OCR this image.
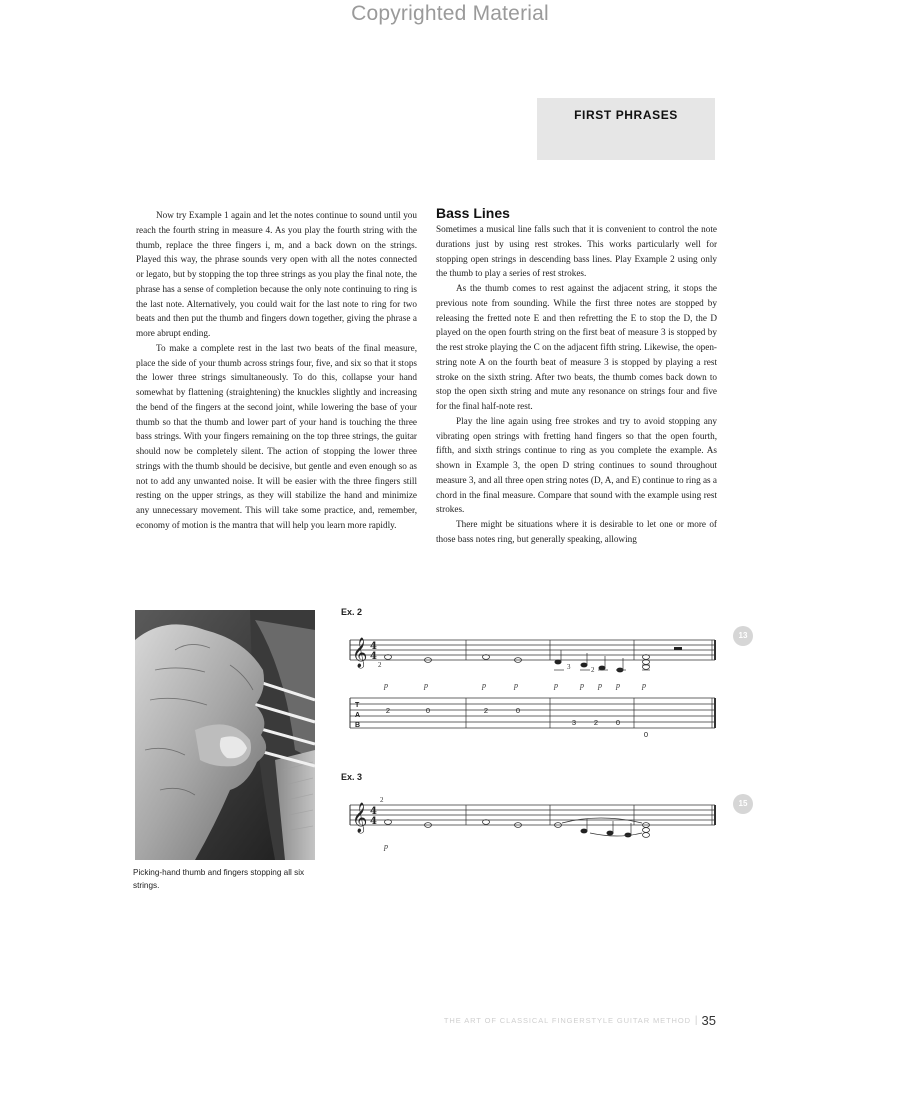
Copyrighted Material
FIRST PHRASES

Now try Example 1 again and let the notes continue to sound until you reach the fourth string in measure 4. As you play the fourth string with the thumb, replace the three fingers i, m, and a back down on the strings. Played this way, the phrase sounds very open with all the notes connected or legato, but by stopping the top three strings as you play the final note, the phrase has a sense of completion because the only note continuing to ring is the last note. Alternatively, you could wait for the last note to ring for two beats and then put the thumb and fingers down together, giving the phrase a more abrupt ending.

To make a complete rest in the last two beats of the final measure, place the side of your thumb across strings four, five, and six so that it stops the lower three strings simultaneously. To do this, collapse your hand somewhat by flattening (straightening) the knuckles slightly and increasing the bend of the fingers at the second joint, while lowering the base of your thumb so that the thumb and lower part of your hand is touching the three bass strings. With your fingers remaining on the top three strings, the guitar should now be completely silent. The action of stopping the lower three strings with the thumb should be decisive, but gentle and even enough so as not to add any unwanted noise. It will be easier with the three fingers still resting on the upper strings, as they will stabilize the hand and minimize any unnecessary movement. This will take some practice, and, remember, economy of motion is the mantra that will help you learn more rapidly.

Bass Lines

Sometimes a musical line falls such that it is convenient to control the note durations just by using rest strokes. This works particularly well for stopping open strings in descending bass lines. Play Example 2 using only the thumb to play a series of rest strokes.

As the thumb comes to rest against the adjacent string, it stops the previous note from sounding. While the first three notes are stopped by releasing the fretted note E and then refretting the E to stop the D, the D played on the open fourth string on the first beat of measure 3 is stopped by the rest stroke playing the C on the adjacent fifth string. Likewise, the open-string note A on the fourth beat of measure 3 is stopped by playing a rest stroke on the sixth string. After two beats, the thumb comes back down to stop the open sixth string and mute any resonance on strings four and five for the final half-note rest.

Play the line again using free strokes and try to avoid stopping any vibrating open strings with fretting hand fingers so that the open fourth, fifth, and sixth strings continue to ring as you complete the example. As shown in Example 3, the open D string continues to sound throughout measure 3, and all three open string notes (D, A, and E) continue to ring as a chord in the final measure. Compare that sound with the example using rest strokes.

There might be situations where it is desirable to let one or more of those bass notes ring, but generally speaking, allowing

Picking-hand thumb and fingers stopping all six strings.
Ex. 2
13
𝄞 4
4
2	3	2
p	p	p	p	p	p p p	p
T
A
B
2	0	2	0
3 2 0
0
Ex. 3
15
𝄞 4
4
2
p
THE ART OF CLASSICAL FINGERSTYLE GUITAR METHOD | 35
